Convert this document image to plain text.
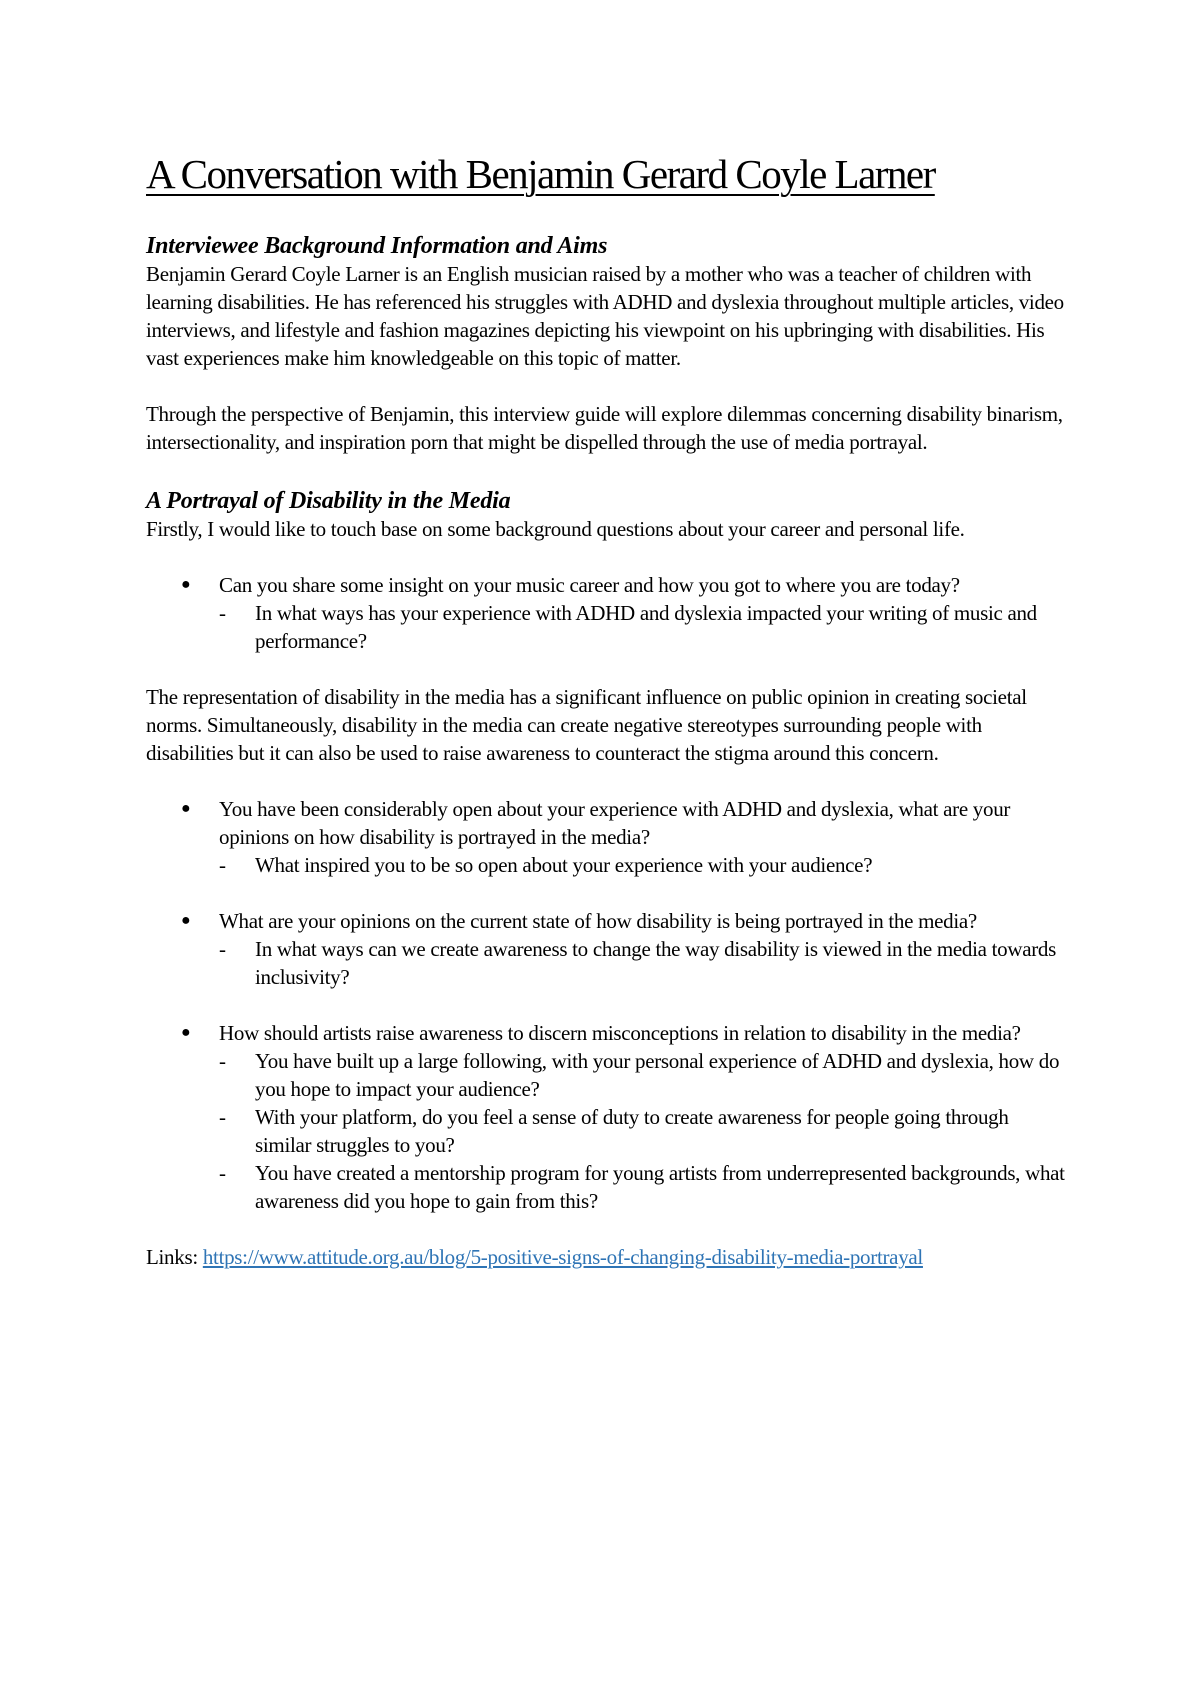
A Conversation with Benjamin Gerard Coyle Larner
Interviewee Background Information and Aims

Benjamin Gerard Coyle Larner is an English musician raised by a mother who was a teacher of children with learning disabilities. He has referenced his struggles with ADHD and dyslexia throughout multiple articles, video interviews, and lifestyle and fashion magazines depicting his viewpoint on his upbringing with disabilities. His vast experiences make him knowledgeable on this topic of matter.

Through the perspective of Benjamin, this interview guide will explore dilemmas concerning disability binarism, intersectionality, and inspiration porn that might be dispelled through the use of media portrayal.

A Portrayal of Disability in the Media

Firstly, I would like to touch base on some background questions about your career and personal life.

● Can you share some insight on your music career and how you got to where you are today?
- In what ways has your experience with ADHD and dyslexia impacted your writing of music and performance?

The representation of disability in the media has a significant influence on public opinion in creating societal norms. Simultaneously, disability in the media can create negative stereotypes surrounding people with disabilities but it can also be used to raise awareness to counteract the stigma around this concern.

● You have been considerably open about your experience with ADHD and dyslexia, what are your opinions on how disability is portrayed in the media?
- What inspired you to be so open about your experience with your audience?
● What are your opinions on the current state of how disability is being portrayed in the media?
- In what ways can we create awareness to change the way disability is viewed in the media towards inclusivity?
● How should artists raise awareness to discern misconceptions in relation to disability in the media?
- You have built up a large following, with your personal experience of ADHD and dyslexia, how do you hope to impact your audience?
- With your platform, do you feel a sense of duty to create awareness for people going through similar struggles to you?
- You have created a mentorship program for young artists from underrepresented backgrounds, what awareness did you hope to gain from this?

Links: https://www.attitude.org.au/blog/5-positive-signs-of-changing-disability-media-portrayal
